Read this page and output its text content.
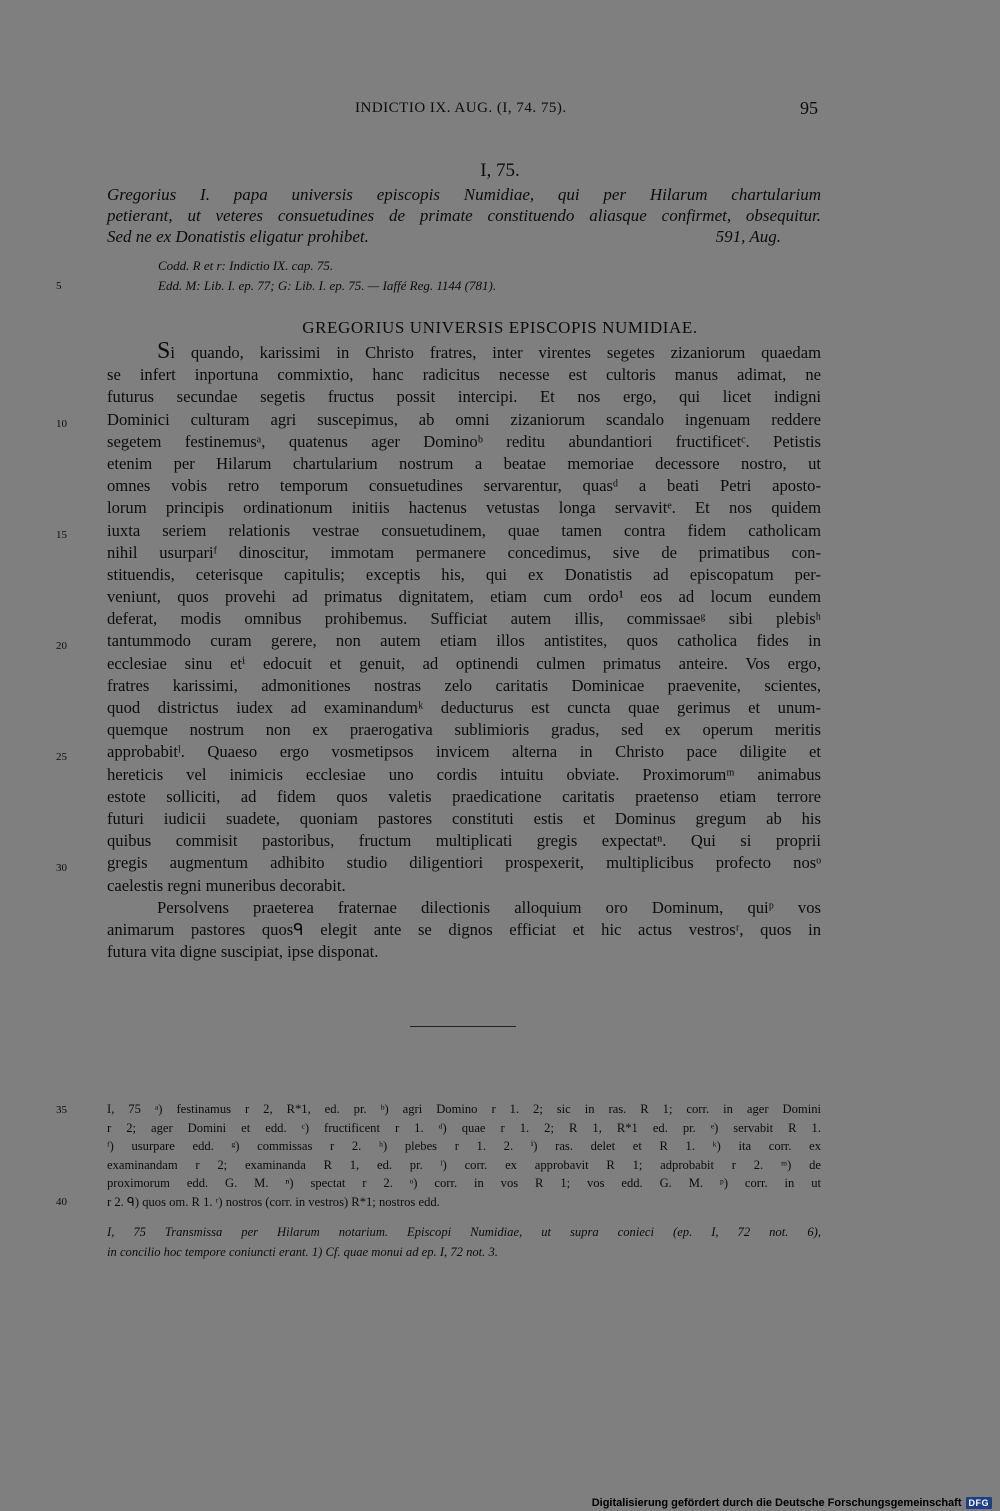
INDICTIO IX. AUG. (I, 74. 75).	95
I, 75.
Gregorius I. papa universis episcopis Numidiae, qui per Hilarum chartularium
petierant, ut veteres consuetudines de primate constituendo aliasque confirmet, obsequitur.
Sed ne ex Donatistis eligatur prohibet.	591, Aug.
Codd. R et r: Indictio IX. cap. 75.
Edd. M: Lib. I. ep. 77; G: Lib. I. ep. 75. — Iaffé Reg. 1144 (781).
5
10
15
20
25
30
35
40
GREGORIUS UNIVERSIS EPISCOPIS NUMIDIAE.
Si quando, karissimi in Christo fratres, inter virentes segetes zizaniorum quaedam
se infert inportuna commixtio, hanc radicitus necesse est cultoris manus adimat, ne
futurus secundae segetis fructus possit intercipi. Et nos ergo, qui licet indigni
Dominici culturam agri suscepimus, ab omni zizaniorum scandalo ingenuam reddere
segetem festinemusᵃ, quatenus ager Dominoᵇ reditu abundantiori fructificetᶜ. Petistis
etenim per Hilarum chartularium nostrum a beatae memoriae decessore nostro, ut
omnes vobis retro temporum consuetudines servarentur, quasᵈ a beati Petri aposto-
lorum principis ordinationum initiis hactenus vetustas longa servavitᵉ. Et nos quidem
iuxta seriem relationis vestrae consuetudinem, quae tamen contra fidem catholicam
nihil usurpariᶠ dinoscitur, immotam permanere concedimus, sive de primatibus con-
stituendis, ceterisque capitulis; exceptis his, qui ex Donatistis ad episcopatum per-
veniunt, quos provehi ad primatus dignitatem, etiam cum ordo¹ eos ad locum eundem
deferat, modis omnibus prohibemus. Sufficiat autem illis, commissaeᵍ sibi plebisʰ
tantummodo curam gerere, non autem etiam illos antistites, quos catholica fides in
ecclesiae sinu etⁱ edocuit et genuit, ad optinendi culmen primatus anteire. Vos ergo,
fratres karissimi, admonitiones nostras zelo caritatis Dominicae praevenite, scientes,
quod districtus iudex ad examinandumᵏ deducturus est cuncta quae gerimus et unum-
quemque nostrum non ex praerogativa sublimioris gradus, sed ex operum meritis
approbabitˡ. Quaeso ergo vosmetipsos invicem alterna in Christo pace diligite et
hereticis vel inimicis ecclesiae uno cordis intuitu obviate. Proximorumᵐ animabus
estote solliciti, ad fidem quos valetis praedicatione caritatis praetenso etiam terrore
futuri iudicii suadete, quoniam pastores constituti estis et Dominus gregum ab his
quibus commisit pastoribus, fructum multiplicati gregis expectatⁿ. Qui si proprii
gregis augmentum adhibito studio diligentiori prospexerit, multiplicibus profecto nosᵒ
caelestis regni muneribus decorabit.
Persolvens praeterea fraternae dilectionis alloquium oro Dominum, quiᵖ vos
animarum pastores quosᑫ elegit ante se dignos efficiat et hic actus vestrosʳ, quos in
futura vita digne suscipiat, ipse disponat.
I, 75 ᵃ) festinamus r 2, R*1, ed. pr. ᵇ) agri Domino r 1. 2; sic in ras. R 1; corr. in ager Domini
r 2; ager Domini et edd. ᶜ) fructificent r 1. ᵈ) quae r 1. 2; R 1, R*1 ed. pr. ᵉ) servabit R 1.
ᶠ) usurpare edd. ᵍ) commissas r 2. ʰ) plebes r 1. 2. ⁱ) ras. delet et R 1. ᵏ) ita corr. ex
examinandam r 2; examinanda R 1, ed. pr. ˡ) corr. ex approbavit R 1; adprobabit r 2. ᵐ) de
proximorum edd. G. M. ⁿ) spectat r 2. ᵒ) corr. in vos R 1; vos edd. G. M. ᵖ) corr. in ut
r 2. ᑫ) quos om. R 1. ʳ) nostros (corr. in vestros) R*1; nostros edd.
I, 75 Transmissa per Hilarum notarium. Episcopi Numidiae, ut supra conieci (ep. I, 72 not. 6),
in concilio hoc tempore coniuncti erant. 1) Cf. quae monui ad ep. I, 72 not. 3.
Digitalisierung gefördert durch die Deutsche Forschungsgemeinschaft DFG
